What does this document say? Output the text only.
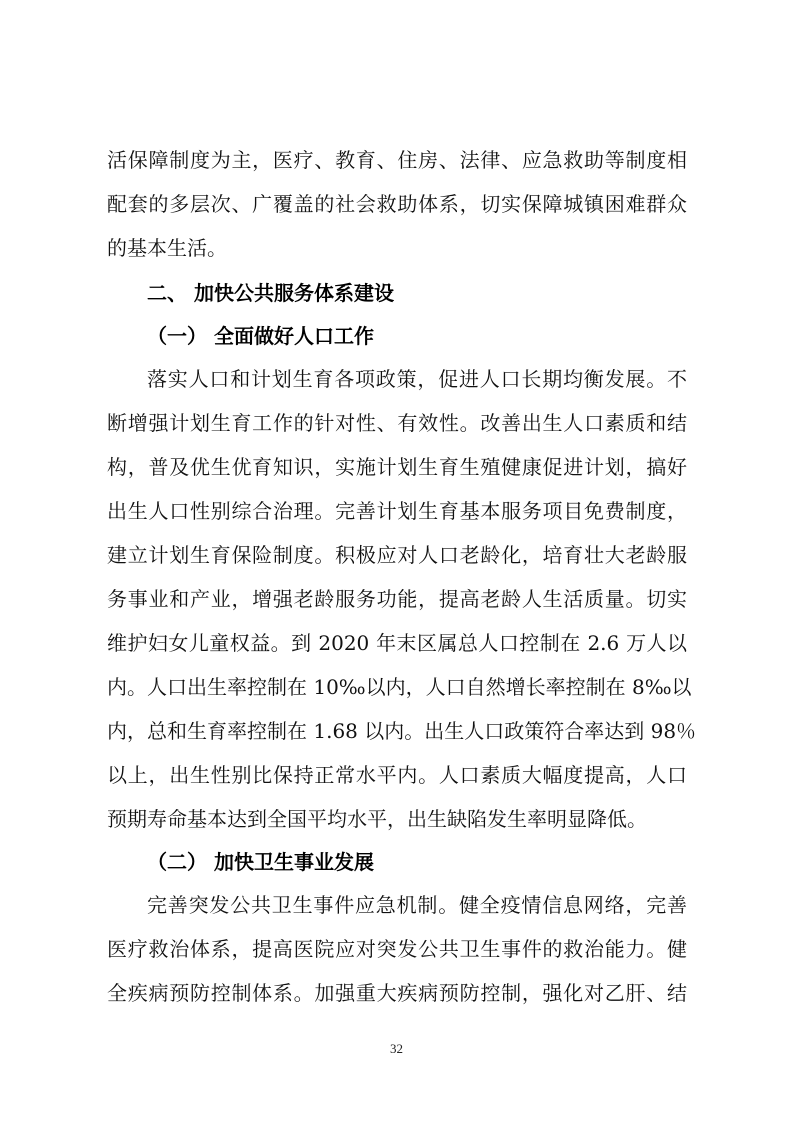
活保障制度为主，医疗、教育、住房、法律、应急救助等制度相
配套的多层次、广覆盖的社会救助体系，切实保障城镇困难群众
的基本生活。
二、 加快公共服务体系建设
（一） 全面做好人口工作
落实人口和计划生育各项政策，促进人口长期均衡发展。不
断增强计划生育工作的针对性、有效性。改善出生人口素质和结
构，普及优生优育知识，实施计划生育生殖健康促进计划，搞好
出生人口性别综合治理。完善计划生育基本服务项目免费制度，
建立计划生育保险制度。积极应对人口老龄化，培育壮大老龄服
务事业和产业，增强老龄服务功能，提高老龄人生活质量。切实
维护妇女儿童权益。到 2020 年末区属总人口控制在 2.6 万人以
内。人口出生率控制在 10‰以内，人口自然增长率控制在 8‰以
内，总和生育率控制在 1.68 以内。出生人口政策符合率达到 98％
以上，出生性别比保持正常水平内。人口素质大幅度提高，人口
预期寿命基本达到全国平均水平，出生缺陷发生率明显降低。
（二） 加快卫生事业发展
完善突发公共卫生事件应急机制。健全疫情信息网络，完善
医疗救治体系，提高医院应对突发公共卫生事件的救治能力。健
全疾病预防控制体系。加强重大疾病预防控制，强化对乙肝、结
32
